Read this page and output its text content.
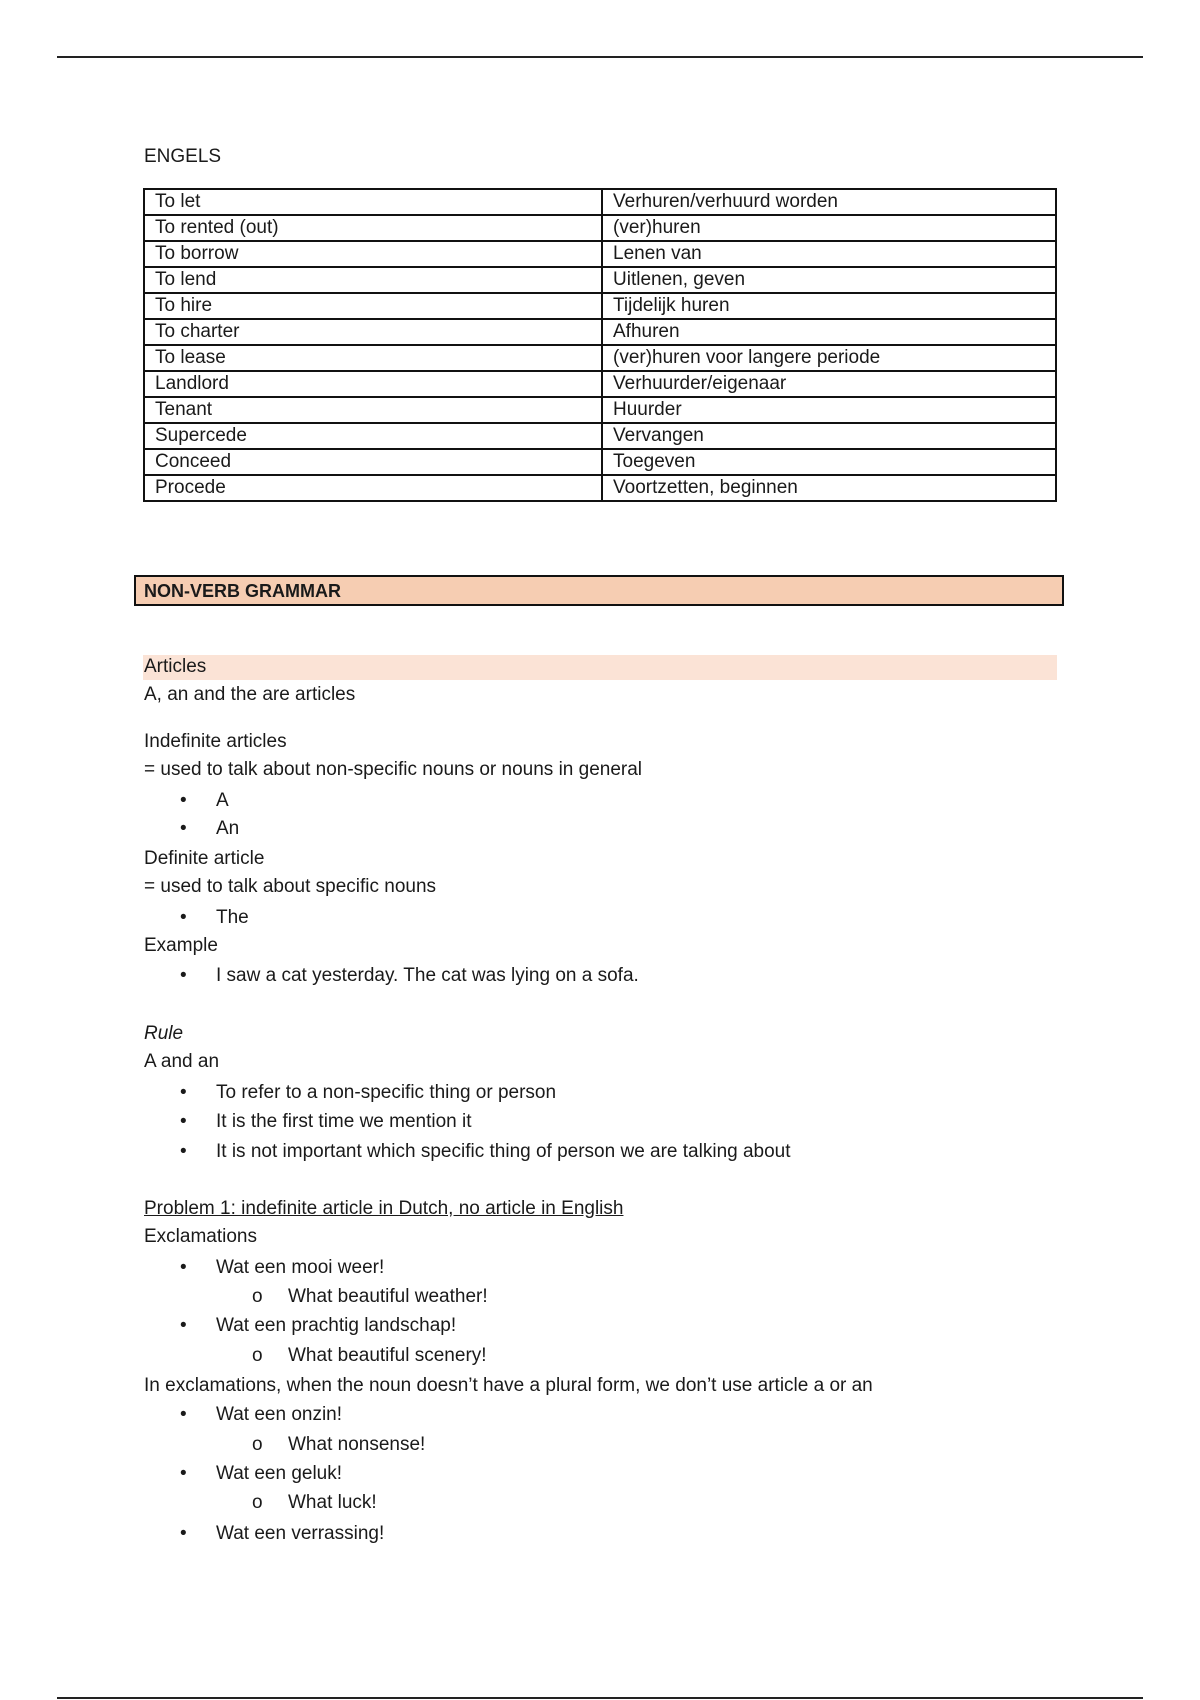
ENGELS
To let	Verhuren/verhuurd worden
To rented (out)	(ver)huren
To borrow	Lenen van
To lend	Uitlenen, geven
To hire	Tijdelijk huren
To charter	Afhuren
To lease	(ver)huren voor langere periode
Landlord	Verhuurder/eigenaar
Tenant	Huurder
Supercede	Vervangen
Conceed	Toegeven
Procede	Voortzetten, beginnen
NON-VERB GRAMMAR
Articles
A, an and the are articles
Indefinite articles
= used to talk about non-specific nouns or nouns in general
A
An
Definite article
= used to talk about specific nouns
The
Example
I saw a cat yesterday. The cat was lying on a sofa.
Rule
A and an
To refer to a non-specific thing or person
It is the first time we mention it
It is not important which specific thing of person we are talking about
Problem 1: indefinite article in Dutch, no article in English
Exclamations
Wat een mooi weer!
o What beautiful weather!
Wat een prachtig landschap!
o What beautiful scenery!
In exclamations, when the noun doesn’t have a plural form, we don’t use article a or an
Wat een onzin!
o What nonsense!
Wat een geluk!
o What luck!
Wat een verrassing!
